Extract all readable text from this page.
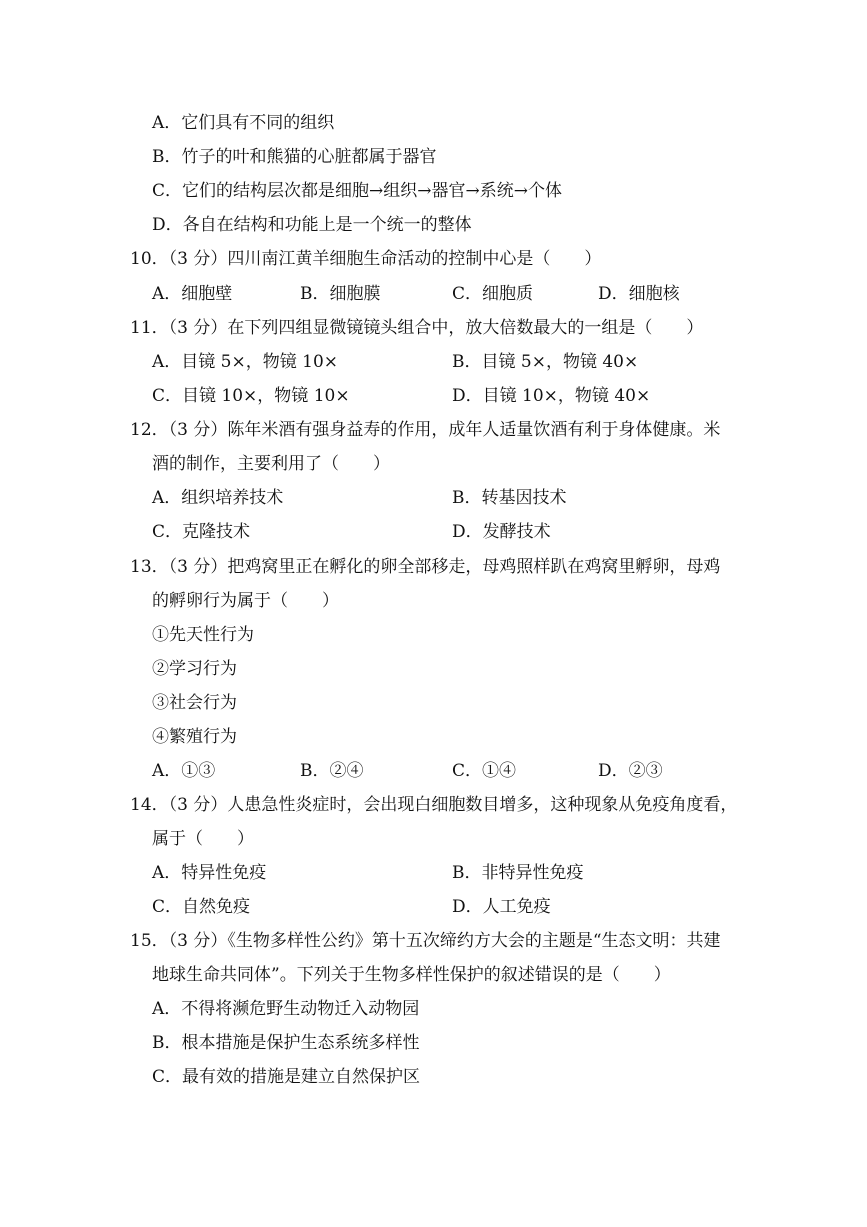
A．它们具有不同的组织
B．竹子的叶和熊猫的心脏都属于器官
C．它们的结构层次都是细胞→组织→器官→系统→个体
D．各自在结构和功能上是一个统一的整体
10．（3 分）四川南江黄羊细胞生命活动的控制中心是（　　）
A．细胞壁	B．细胞膜	C．细胞质	D．细胞核
11．（3 分）在下列四组显微镜镜头组合中，放大倍数最大的一组是（　　）
A．目镜 5×，物镜 10×	B．目镜 5×，物镜 40×
C．目镜 10×，物镜 10×	D．目镜 10×，物镜 40×
12．（3 分）陈年米酒有强身益寿的作用，成年人适量饮酒有利于身体健康。米
酒的制作，主要利用了（　　）
A．组织培养技术	B．转基因技术
C．克隆技术	D．发酵技术
13．（3 分）把鸡窝里正在孵化的卵全部移走，母鸡照样趴在鸡窝里孵卵，母鸡
的孵卵行为属于（　　）
①先天性行为
②学习行为
③社会行为
④繁殖行为
A．①③	B．②④	C．①④	D．②③
14．（3 分）人患急性炎症时，会出现白细胞数目增多，这种现象从免疫角度看，
属于（　　）
A．特异性免疫	B．非特异性免疫
C．自然免疫	D．人工免疫
15．（3 分）《生物多样性公约》第十五次缔约方大会的主题是“生态文明：共建
地球生命共同体”。下列关于生物多样性保护的叙述错误的是（　　）
A．不得将濒危野生动物迁入动物园
B．根本措施是保护生态系统多样性
C．最有效的措施是建立自然保护区
